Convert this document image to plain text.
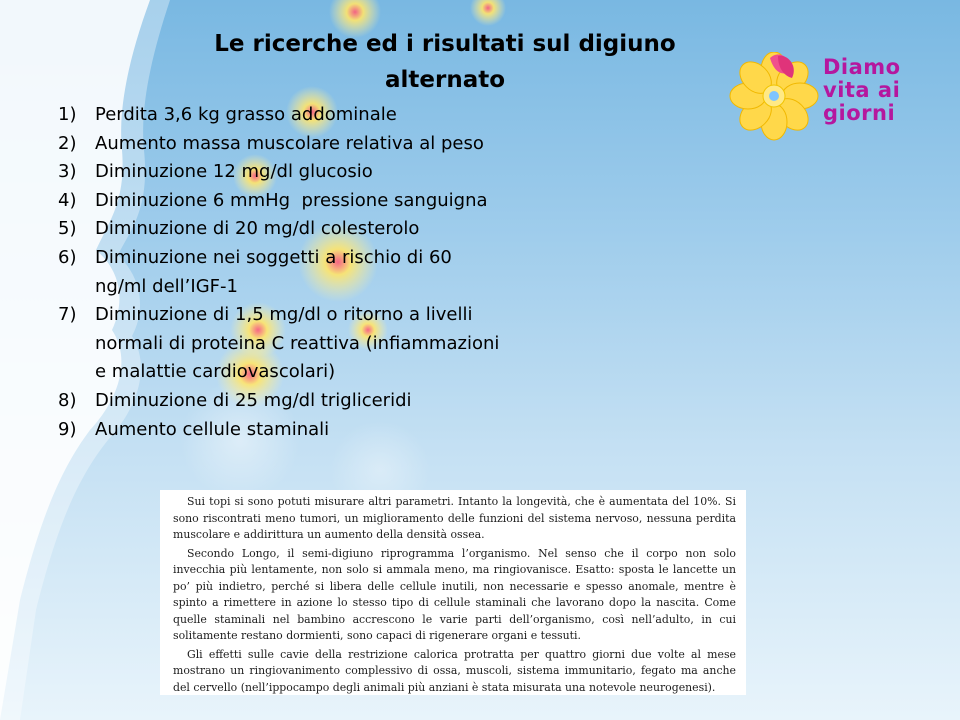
Le ricerche ed i risultati sul digiuno alternato	Diamo
vita ai
giorni
1)	Perdita 3,6 kg grasso addominale
2)	Aumento massa muscolare relativa al peso
3)	Diminuzione 12 mg/dl glucosio
4)	Diminuzione 6 mmHg  pressione sanguigna
5)	Diminuzione di 20 mg/dl colesterolo
6)	Diminuzione nei soggetti a rischio di 60 ng/ml dell’IGF-1
7)	Diminuzione di 1,5 mg/dl o ritorno a livelli normali di proteina C reattiva (infiammazioni e malattie cardiovascolari)
8)	Diminuzione di 25 mg/dl trigliceridi
9)	Aumento cellule staminali

Sui topi si sono potuti misurare altri parametri. Intanto la longevità, che è aumentata del 10%. Si sono riscontrati meno tumori, un miglioramento delle funzioni del sistema nervoso, nessuna perdita muscolare e addirittura un aumento della densità ossea.

Secondo Longo, il semi-digiuno riprogramma l’organismo. Nel senso che il corpo non solo invecchia più lentamente, non solo si ammala meno, ma ringiovanisce. Esatto: sposta le lancette un po’ più indietro, perché si libera delle cellule inutili, non necessarie e spesso anomale, mentre è spinto a rimettere in azione lo stesso tipo di cellule staminali che lavorano dopo la nascita. Come quelle staminali nel bambino accrescono le varie parti dell’organismo, così nell’adulto, in cui solitamente restano dormienti, sono capaci di rigenerare organi e tessuti.

Gli effetti sulle cavie della restrizione calorica protratta per quattro giorni due volte al mese mostrano un ringiovanimento complessivo di ossa, muscoli, sistema immunitario, fegato ma anche del cervello (nell’ippocampo degli animali più anziani è stata misurata una notevole neurogenesi).
